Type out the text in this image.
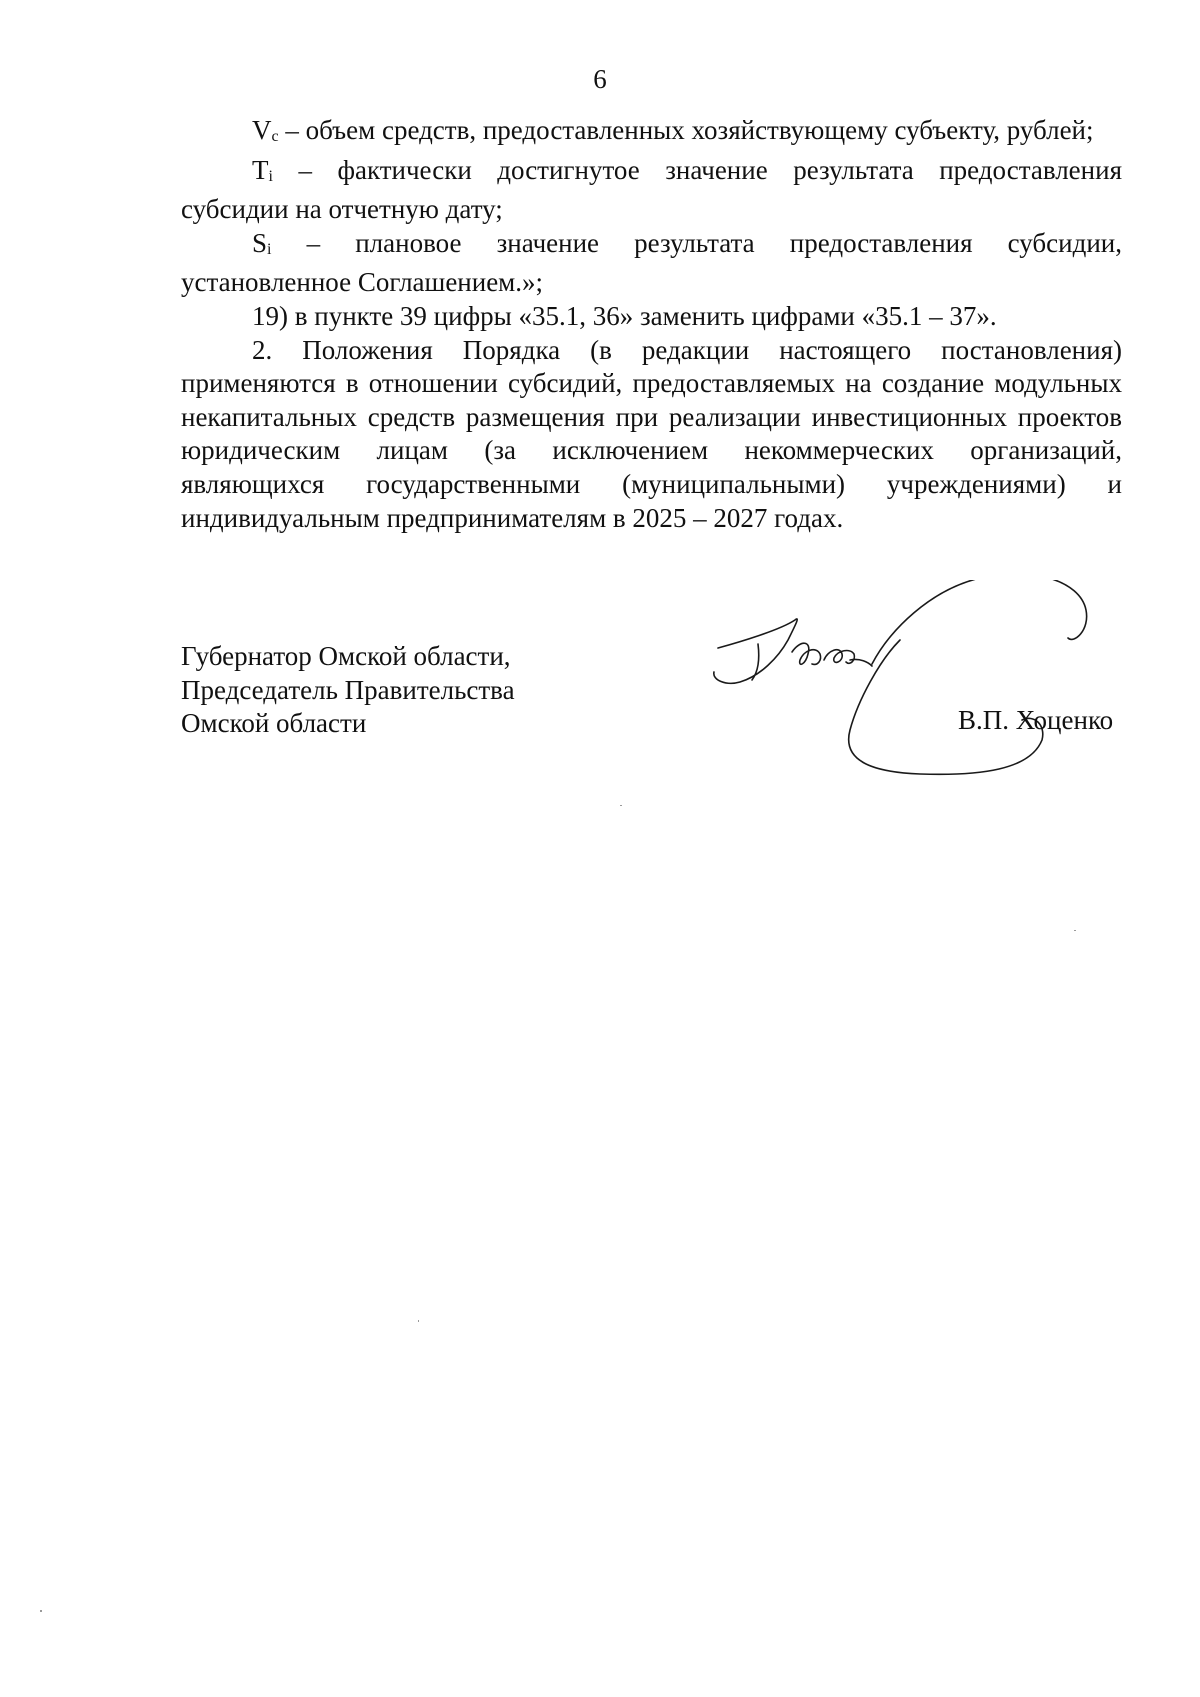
6

Vс – объем средств, предоставленных хозяйствующему субъекту, рублей;

Ti – фактически достигнутое значение результата предоставления субсидии на отчетную дату;

Si – плановое значение результата предоставления субсидии, установленное Соглашением.»;

19) в пункте 39 цифры «35.1, 36» заменить цифрами «35.1 – 37».

2. Положения Порядка (в редакции настоящего постановления) применяются в отношении субсидий, предоставляемых на создание модульных некапитальных средств размещения при реализации инвестиционных проектов юридическим лицам (за исключением некоммерческих организаций, являющихся государственными (муниципальными) учреждениями) и индивидуальным предпринимателям в 2025 – 2027 годах.

Губернатор Омской области,
Председатель Правительства
Омской области	В.П. Хоценко
